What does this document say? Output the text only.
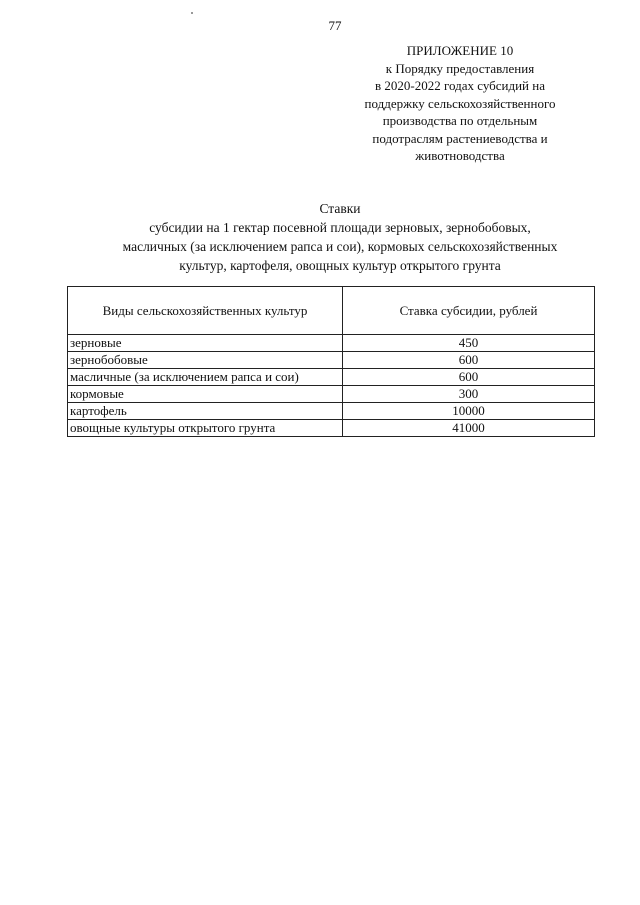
77
ПРИЛОЖЕНИЕ 10
к Порядку предоставления
в 2020-2022 годах субсидий на
поддержку сельскохозяйственного
производства по отдельным
подотраслям растениеводства и
животноводства
Ставки
субсидии на 1 гектар посевной площади зерновых, зернобобовых,
масличных (за исключением рапса и сои), кормовых сельскохозяйственных
культур, картофеля, овощных культур открытого грунта
Виды сельскохозяйственных культур	Ставка субсидии, рублей
зерновые	450
зернобобовые	600
масличные (за исключением рапса и сои)	600
кормовые	300
картофель	10000
овощные культуры открытого грунта	41000
